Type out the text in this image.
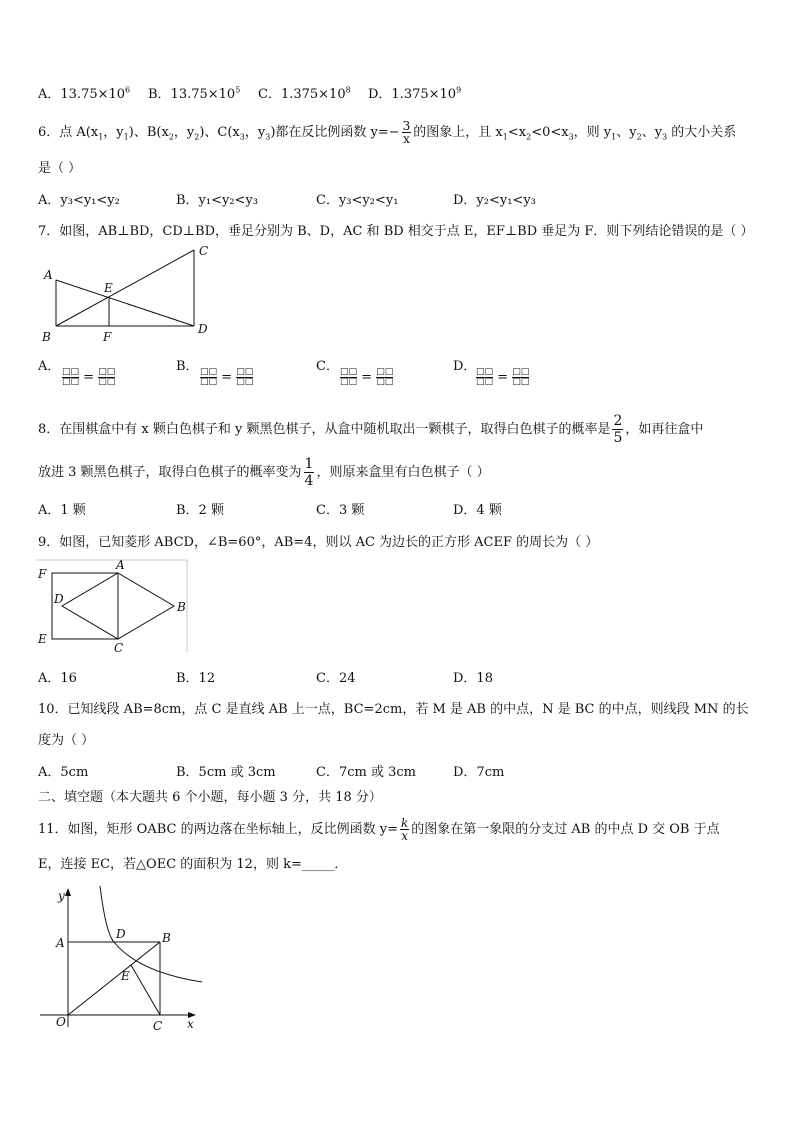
A．$13.75\times 10^6$ B．$13.75\times 10^5$ C．$1.375\times 10^8$ D．$1.375\times 10^9$
6．点 $A(x_1$，$y_1$)、$B(x_2$，$y_2$)、$C(x_3$，$y_3$)都在反比例函数 $y=- \frac{3}{x}$ 的图象上，且 $x_1<x_2<0<x_3$，则 $y_1$、$y_2$、$y_3$ 的大小关系
是（ ）
A．y₃<y₁<y₂	B．y₁<y₂<y₃	C．y₃<y₂<y₁	D．y₂<y₁<y₃
7．如图，AB⊥BD，CD⊥BD，垂足分别为 B、D，AC 和 BD 相交于点 E，EF⊥BD 垂足为 F．则下列结论错误的是（ ）
A
B
C
D
E
F
A． □□
□□ = □□
□□
B． □□
□□ = □□
□□
C． □□
□□ = □□
□□
D． □□
□□ = □□
□□
8．在围棋盒中有 x 颗白色棋子和 y 颗黑色棋子，从盒中随机取出一颗棋子，取得白色棋子的概率是 $\frac{2}{5}$ ，如再往盒中
放进 3 颗黑色棋子，取得白色棋子的概率变为 $\frac{1}{4}$ ，则原来盒里有白色棋子（ ）
A．1 颗	B．2 颗	C．3 颗	D．4 颗
9．如图，已知菱形 ABCD，∠B=60°，AB=4，则以 AC 为边长的正方形 ACEF 的周长为（ ）
F
A
D
B
E
C
A．16	B．12	C．24	D．18
10．已知线段 AB=8cm，点 C 是直线 AB 上一点，BC=2cm，若 M 是 AB 的中点，N 是 BC 的中点，则线段 MN 的长
度为（ ）
A．5cm	B．5cm 或 3cm	C．7cm 或 3cm	D．7cm
二、填空题（本大题共 6 个小题，每小题 3 分，共 18 分）
11．如图，矩形 OABC 的两边落在坐标轴上，反比例函数 $y= \frac{k}{x}$ 的图象在第一象限的分支过 AB 的中点 D 交 OB 于点
E，连接 EC，若△OEC 的面积为 12，则 k=_____．
y
A
D	B
E
O	C x
